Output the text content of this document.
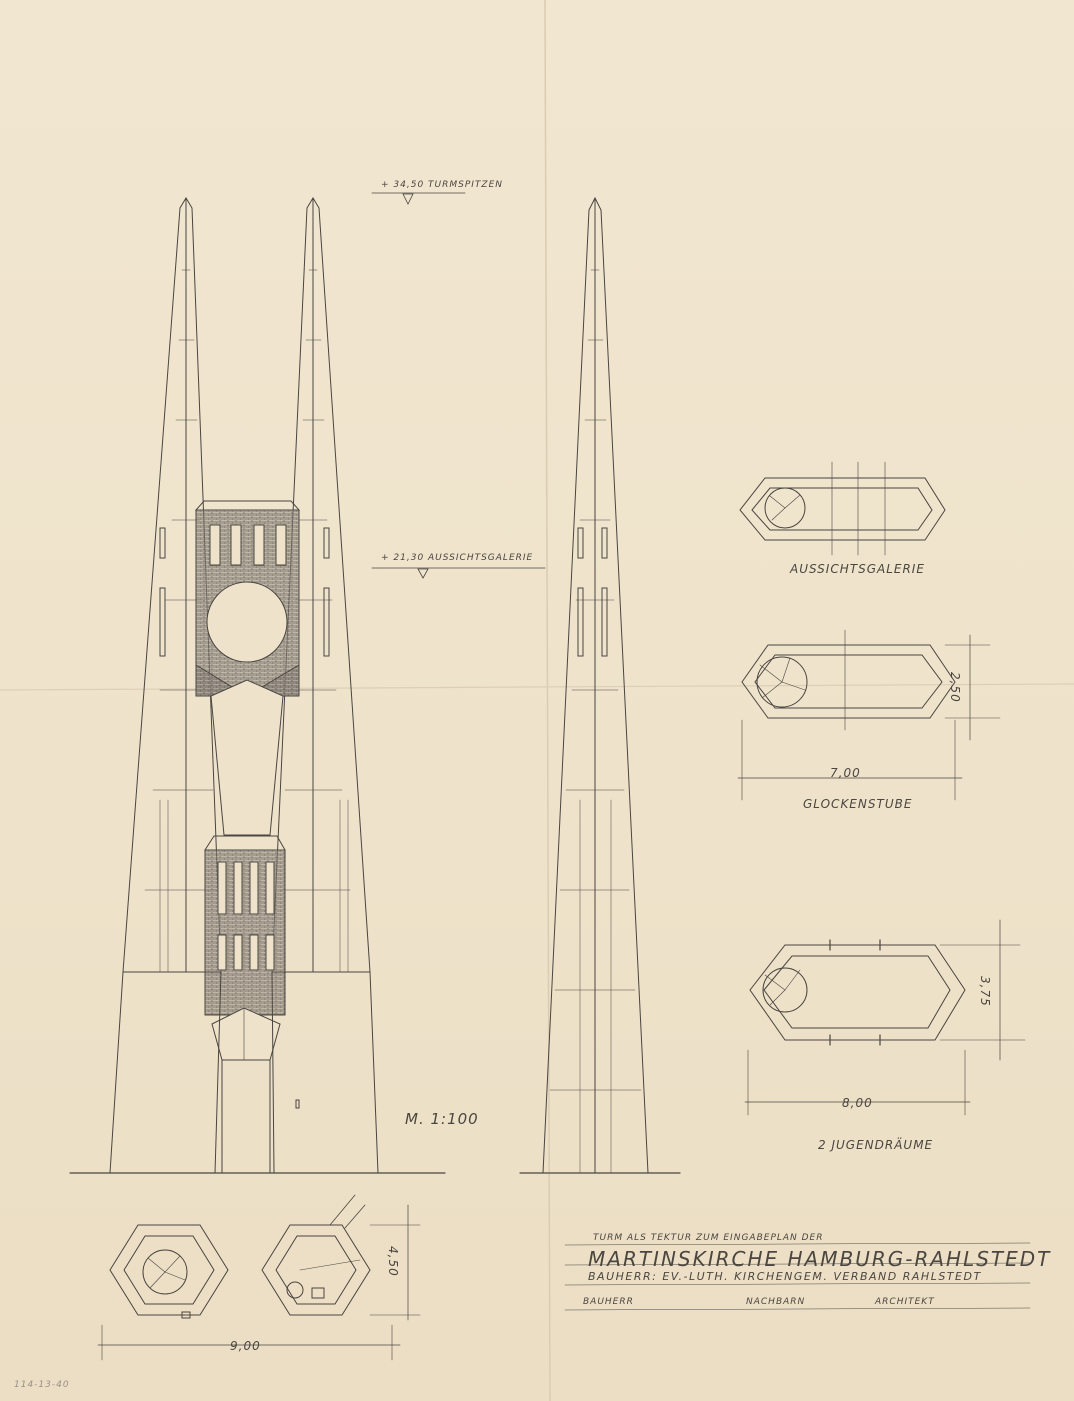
+ 34,50 TURMSPITZEN
+ 21,30 AUSSICHTSGALERIE
AUSSICHTSGALERIE
GLOCKENSTUBE
2 JUGENDRÄUME
7,00
2,50
8,00
3,75
9,00
4,50
M. 1:100
TURM ALS TEKTUR ZUM EINGABEPLAN DER
MARTINSKIRCHE HAMBURG-RAHLSTEDT
BAUHERR: EV.-LUTH. KIRCHENGEM. VERBAND RAHLSTEDT
BAUHERR	NACHBARN	ARCHITEKT
114-13-40
